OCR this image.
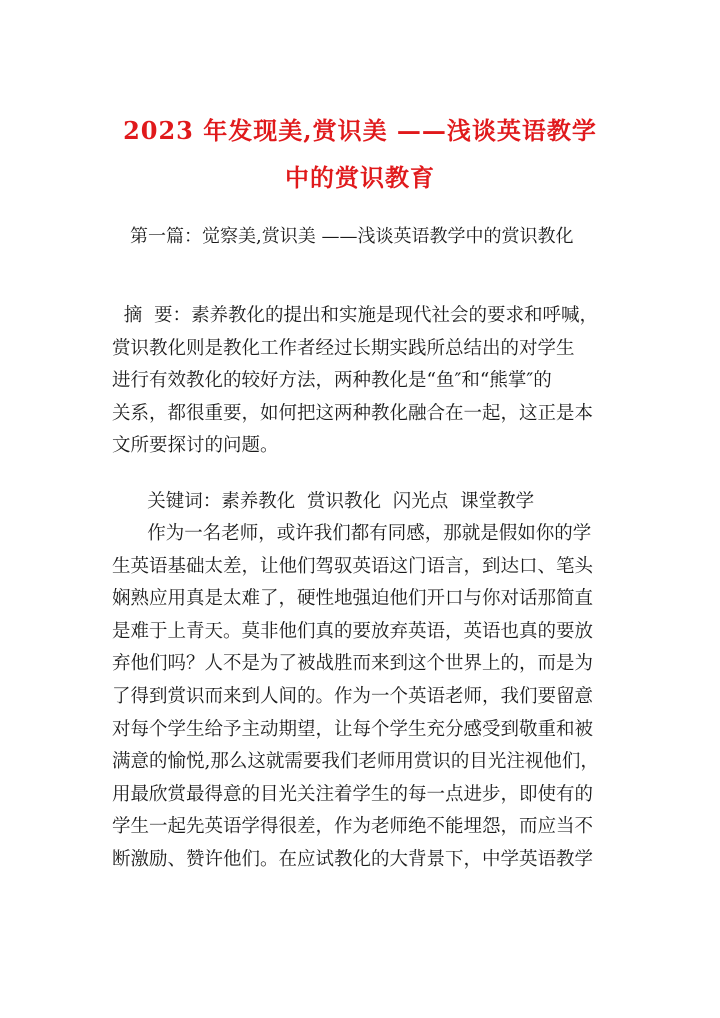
2023 年发现美,赏识美 ——浅谈英语教学
中的赏识教育
第一篇：觉察美,赏识美 ——浅谈英语教学中的赏识教化
摘  要：素养教化的提出和实施是现代社会的要求和呼喊，
赏识教化则是教化工作者经过长期实践所总结出的对学生
进行有效教化的较好方法，两种教化是“鱼″和“熊掌″的
关系，都很重要，如何把这两种教化融合在一起，这正是本
文所要探讨的问题。
关键词：素养教化  赏识教化  闪光点  课堂教学
作为一名老师，或许我们都有同感，那就是假如你的学
生英语基础太差，让他们驾驭英语这门语言，到达口、笔头
娴熟应用真是太难了，硬性地强迫他们开口与你对话那简直
是难于上青天。莫非他们真的要放弃英语，英语也真的要放
弃他们吗？人不是为了被战胜而来到这个世界上的，而是为
了得到赏识而来到人间的。作为一个英语老师，我们要留意
对每个学生给予主动期望，让每个学生充分感受到敬重和被
满意的愉悦,那么这就需要我们老师用赏识的目光注视他们，
用最欣赏最得意的目光关注着学生的每一点进步，即使有的
学生一起先英语学得很差，作为老师绝不能埋怨，而应当不
断激励、赞许他们。在应试教化的大背景下，中学英语教学
